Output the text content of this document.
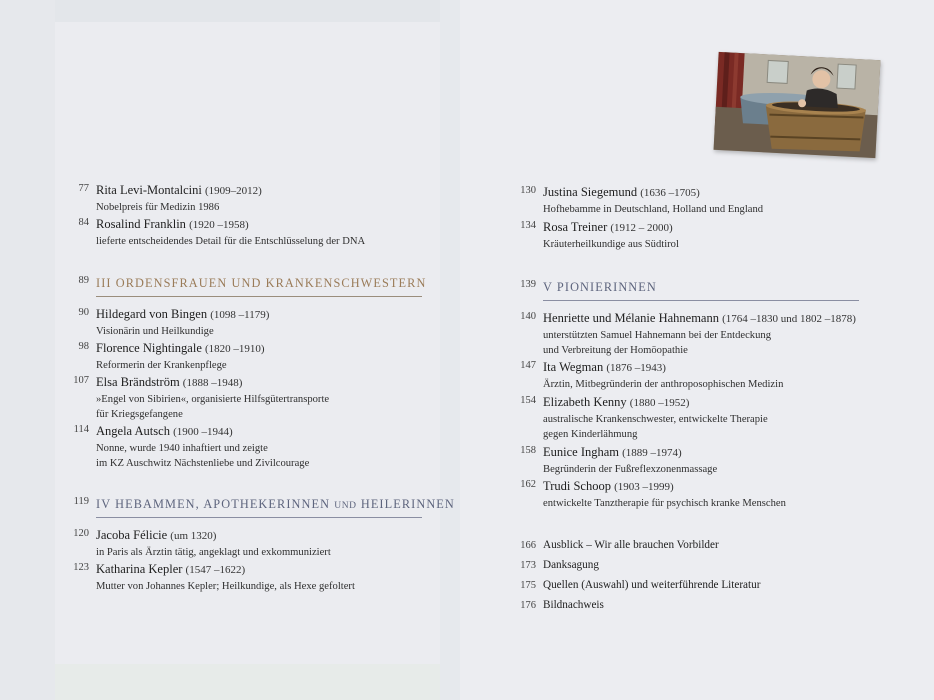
77 Rita Levi-Montalcini (1909–2012)
Nobelpreis für Medizin 1986
84 Rosalind Franklin (1920 –1958)
lieferte entscheidendes Detail für die Entschlüsselung der DNA
89 III ORDENSFRAUEN UND KRANKENSCHWESTERN
90 Hildegard von Bingen (1098 –1179)
Visionärin und Heilkundige
98 Florence Nightingale (1820 –1910)
Reformerin der Krankenpflege
107 Elsa Brändström (1888 –1948)
»Engel von Sibirien«, organisierte Hilfsgütertransporte
für Kriegsgefangene
114 Angela Autsch (1900 –1944)
Nonne, wurde 1940 inhaftiert und zeigte
im KZ Auschwitz Nächstenliebe und Zivilcourage
119 IV HEBAMMEN, APOTHEKERINNEN UND HEILERINNEN
120 Jacoba Félicie (um 1320)
in Paris als Ärztin tätig, angeklagt und exkommuniziert
123 Katharina Kepler (1547 –1622)
Mutter von Johannes Kepler; Heilkundige, als Hexe gefoltert
130 Justina Siegemund (1636 –1705)
Hofhebamme in Deutschland, Holland und England
134 Rosa Treiner (1912 – 2000)
Kräuterheilkundige aus Südtirol
139 V PIONIERINNEN
140 Henriette und Mélanie Hahnemann (1764 –1830 und 1802 –1878)
unterstützten Samuel Hahnemann bei der Entdeckung
und Verbreitung der Homöopathie
147 Ita Wegman (1876 –1943)
Ärztin, Mitbegründerin der anthroposophischen Medizin
154 Elizabeth Kenny (1880 –1952)
australische Krankenschwester, entwickelte Therapie
gegen Kinderlähmung
158 Eunice Ingham (1889 –1974)
Begründerin der Fußreflexzonenmassage
162 Trudi Schoop (1903 –1999)
entwickelte Tanztherapie für psychisch kranke Menschen
166 Ausblick – Wir alle brauchen Vorbilder
173 Danksagung
175 Quellen (Auswahl) und weiterführende Literatur
176 Bildnachweis
